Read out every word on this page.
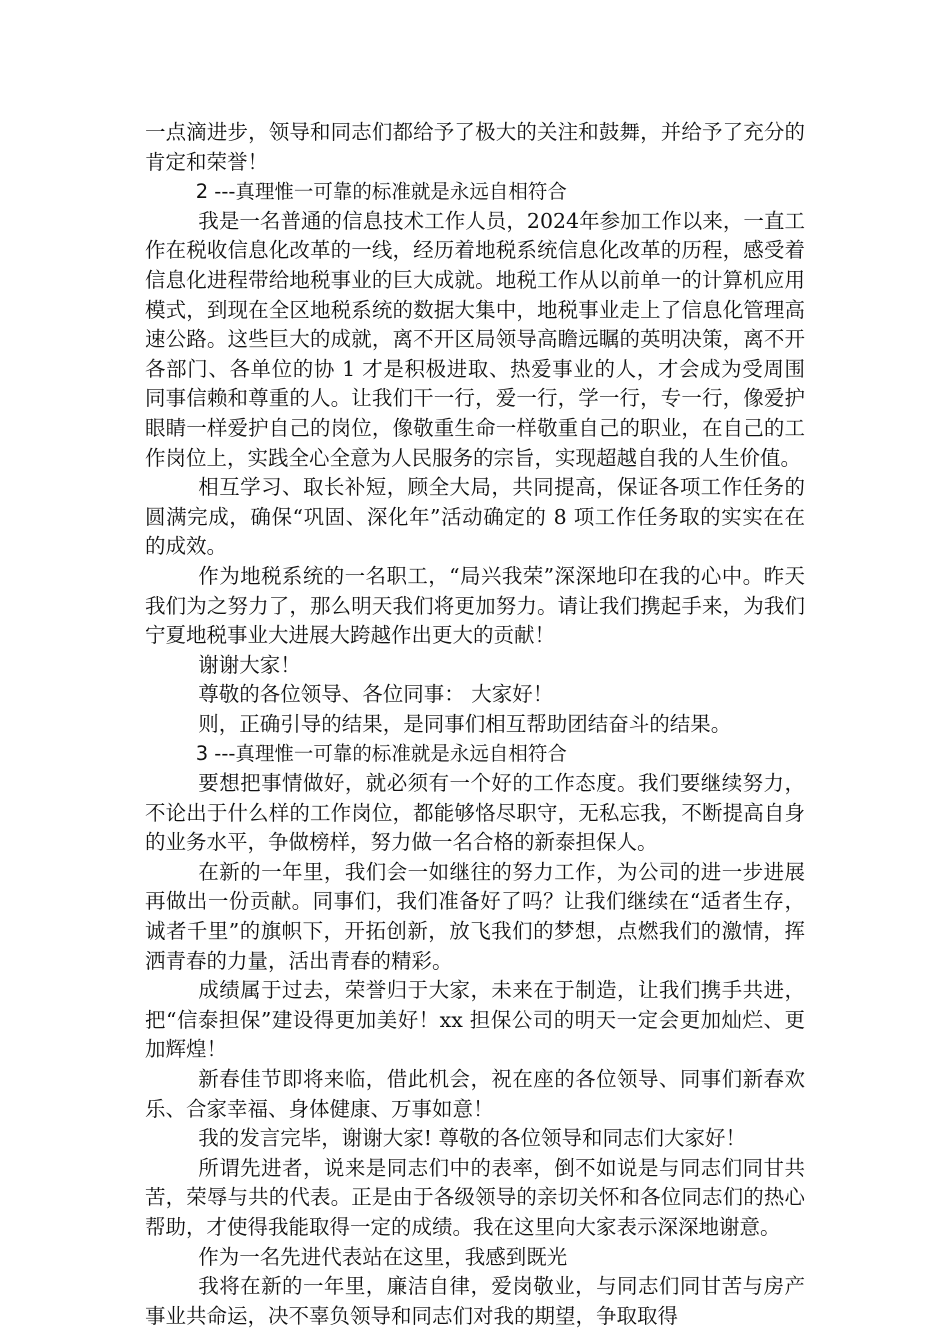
一点滴进步，领导和同志们都给予了极大的关注和鼓舞，并给予了充分的肯定和荣誉！

2 ---真理惟一可靠的标准就是永远自相符合

我是一名普通的信息技术工作人员，2024年参加工作以来，一直工作在税收信息化改革的一线，经历着地税系统信息化改革的历程，感受着信息化进程带给地税事业的巨大成就。地税工作从以前单一的计算机应用模式，到现在全区地税系统的数据大集中，地税事业走上了信息化管理高速公路。这些巨大的成就，离不开区局领导高瞻远瞩的英明决策，离不开各部门、各单位的协 1 才是积极进取、热爱事业的人，才会成为受周围同事信赖和尊重的人。让我们干一行，爱一行，学一行，专一行，像爱护眼睛一样爱护自己的岗位，像敬重生命一样敬重自己的职业，在自己的工作岗位上，实践全心全意为人民服务的宗旨，实现超越自我的人生价值。

相互学习、取长补短，顾全大局，共同提高，保证各项工作任务的圆满完成，确保“巩固、深化年”活动确定的 8 项工作任务取的实实在在的成效。

作为地税系统的一名职工，“局兴我荣”深深地印在我的心中。昨天我们为之努力了，那么明天我们将更加努力。请让我们携起手来，为我们宁夏地税事业大进展大跨越作出更大的贡献！

谢谢大家！

尊敬的各位领导、各位同事： 大家好！

则，正确引导的结果，是同事们相互帮助团结奋斗的结果。

3 ---真理惟一可靠的标准就是永远自相符合

要想把事情做好，就必须有一个好的工作态度。我们要继续努力，不论出于什么样的工作岗位，都能够恪尽职守，无私忘我，不断提高自身的业务水平，争做榜样，努力做一名合格的新泰担保人。

在新的一年里，我们会一如继往的努力工作，为公司的进一步进展再做出一份贡献。同事们，我们准备好了吗？让我们继续在“适者生存，诚者千里”的旗帜下，开拓创新，放飞我们的梦想，点燃我们的激情，挥洒青春的力量，活出青春的精彩。

成绩属于过去，荣誉归于大家，未来在于制造，让我们携手共进，把“信泰担保”建设得更加美好！xx 担保公司的明天一定会更加灿烂、更加辉煌！

新春佳节即将来临，借此机会，祝在座的各位领导、同事们新春欢乐、合家幸福、身体健康、万事如意！

我的发言完毕，谢谢大家! 尊敬的各位领导和同志们大家好！

所谓先进者，说来是同志们中的表率，倒不如说是与同志们同甘共苦，荣辱与共的代表。正是由于各级领导的亲切关怀和各位同志们的热心帮助，才使得我能取得一定的成绩。我在这里向大家表示深深地谢意。

作为一名先进代表站在这里，我感到既光

我将在新的一年里，廉洁自律，爱岗敬业，与同志们同甘苦与房产事业共命运，决不辜负领导和同志们对我的期望，争取取得
